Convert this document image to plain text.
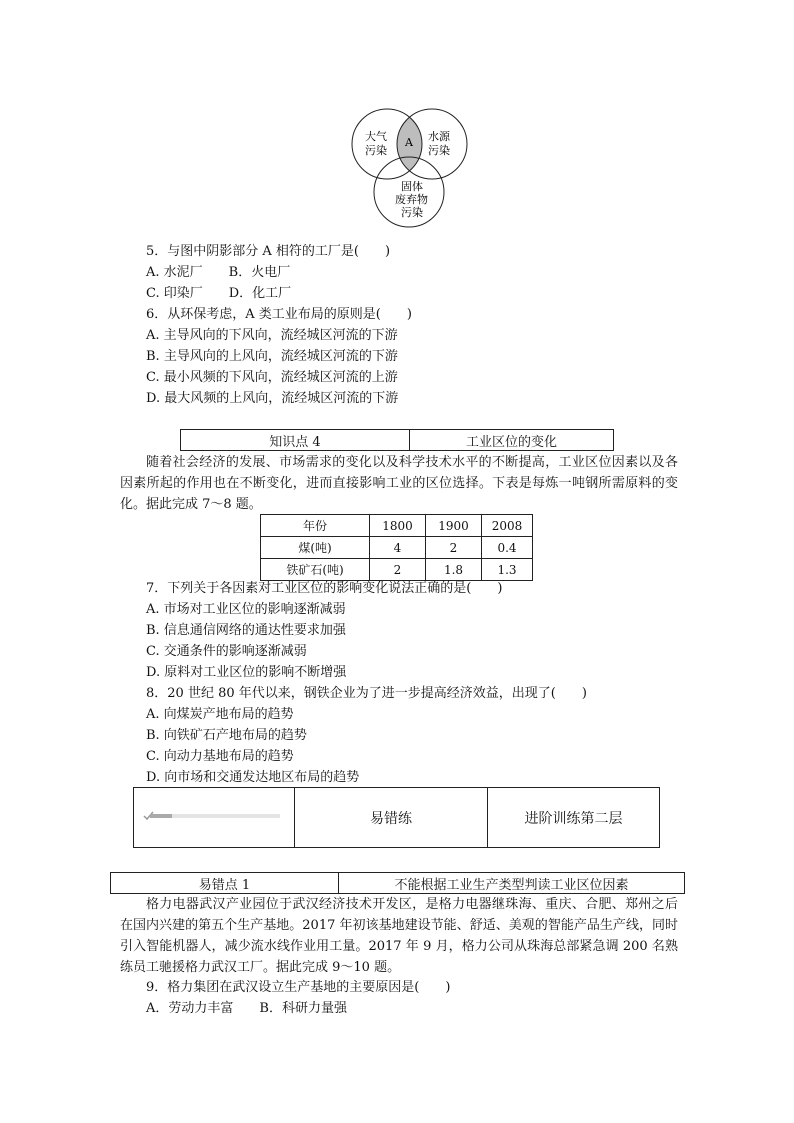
大气
污染
A 水源
污染
固体
废弃物
污染
5．与图中阴影部分 A 相符的工厂是(　　)
A. 水泥厂　　B．火电厂
C. 印染厂　　D．化工厂
6．从环保考虑，A 类工业布局的原则是(　　)
A. 主导风向的下风向，流经城区河流的下游
B. 主导风向的上风向，流经城区河流的下游
C. 最小风频的下风向，流经城区河流的上游
D. 最大风频的上风向，流经城区河流的下游
知识点 4	工业区位的变化
随着社会经济的发展、市场需求的变化以及科学技术水平的不断提高，工业区位因素以及各因素所起的作用也在不断变化，进而直接影响工业的区位选择。下表是每炼一吨钢所需原料的变化。据此完成 7～8 题。
年份	1800	1900	2008
煤(吨)	4	2	0.4
铁矿石(吨)	2	1.8	1.3
7．下列关于各因素对工业区位的影响变化说法正确的是(　　)
A. 市场对工业区位的影响逐渐减弱
B. 信息通信网络的通达性要求加强
C. 交通条件的影响逐渐减弱
D. 原料对工业区位的影响不断增强
8．20 世纪 80 年代以来，钢铁企业为了进一步提高经济效益，出现了(　　)
A. 向煤炭产地布局的趋势
B. 向铁矿石产地布局的趋势
C. 向动力基地布局的趋势
D. 向市场和交通发达地区布局的趋势
	易错练	进阶训练第二层
易错点 1	不能根据工业生产类型判读工业区位因素
格力电器武汉产业园位于武汉经济技术开发区，是格力电器继珠海、重庆、合肥、郑州之后在国内兴建的第五个生产基地。2017 年初该基地建设节能、舒适、美观的智能产品生产线，同时引入智能机器人，减少流水线作业用工量。2017 年 9 月，格力公司从珠海总部紧急调 200 名熟练员工驰援格力武汉工厂。据此完成 9～10 题。
9．格力集团在武汉设立生产基地的主要原因是(　　)
A．劳动力丰富　　B．科研力量强
